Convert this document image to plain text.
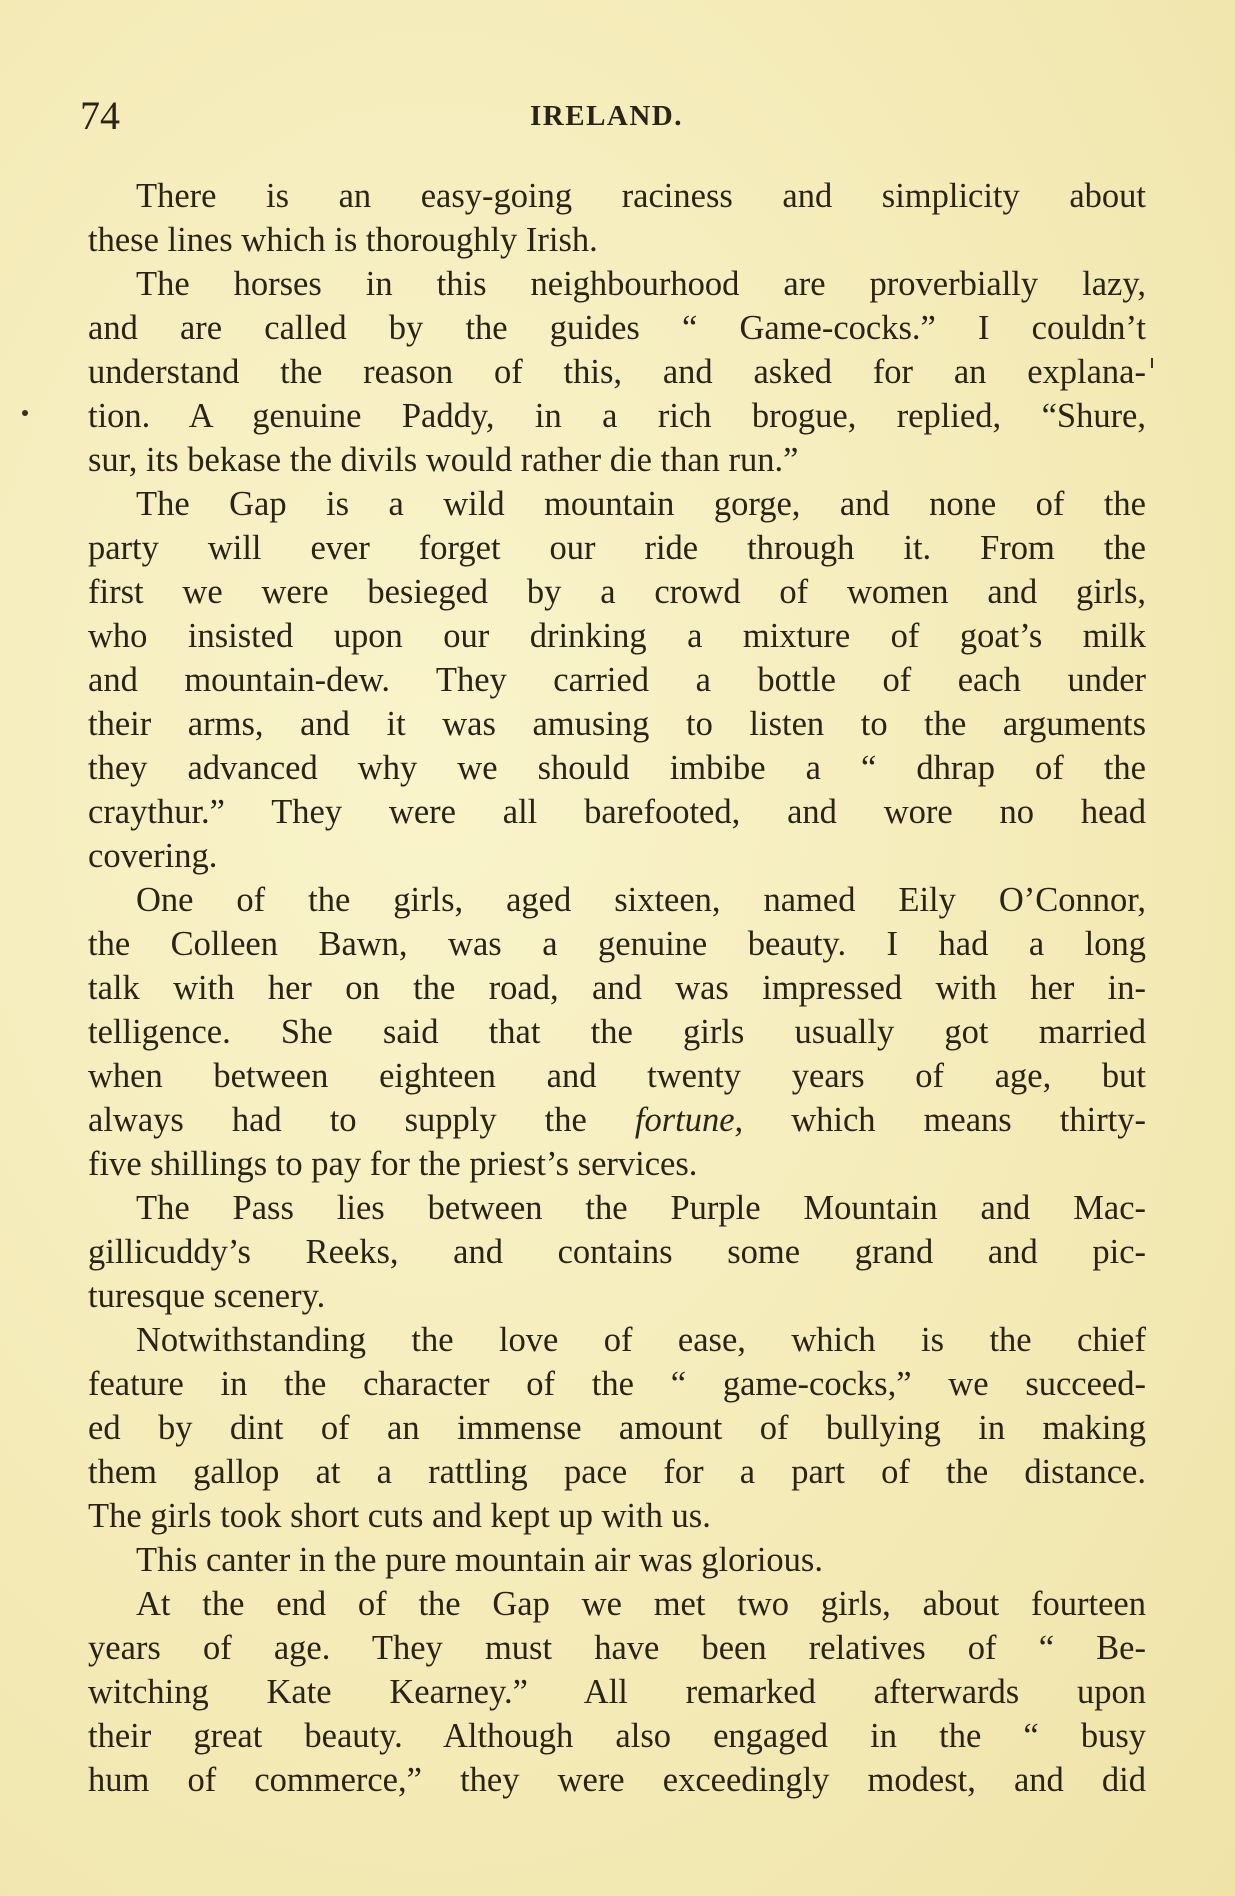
74	IRELAND.
There is an easy-going raciness and simplicity about
these lines which is thoroughly Irish.
The horses in this neighbourhood are proverbially lazy,
and are called by the guides “ Game-cocks.” I couldn’t
understand the reason of this, and asked for an explana-
tion. A genuine Paddy, in a rich brogue, replied, “Shure,
sur, its bekase the divils would rather die than run.”
The Gap is a wild mountain gorge, and none of the
party will ever forget our ride through it. From the
first we were besieged by a crowd of women and girls,
who insisted upon our drinking a mixture of goat’s milk
and mountain-dew. They carried a bottle of each under
their arms, and it was amusing to listen to the arguments
they advanced why we should imbibe a “ dhrap of the
craythur.” They were all barefooted, and wore no head
covering.
One of the girls, aged sixteen, named Eily O’Connor,
the Colleen Bawn, was a genuine beauty. I had a long
talk with her on the road, and was impressed with her in-
telligence. She said that the girls usually got married
when between eighteen and twenty years of age, but
always had to supply the fortune, which means thirty-
five shillings to pay for the priest’s services.
The Pass lies between the Purple Mountain and Mac-
gillicuddy’s Reeks, and contains some grand and pic-
turesque scenery.
Notwithstanding the love of ease, which is the chief
feature in the character of the “ game-cocks,” we succeed-
ed by dint of an immense amount of bullying in making
them gallop at a rattling pace for a part of the distance.
The girls took short cuts and kept up with us.
This canter in the pure mountain air was glorious.
At the end of the Gap we met two girls, about fourteen
years of age. They must have been relatives of “ Be-
witching Kate Kearney.” All remarked afterwards upon
their great beauty. Although also engaged in the “ busy
hum of commerce,” they were exceedingly modest, and did
